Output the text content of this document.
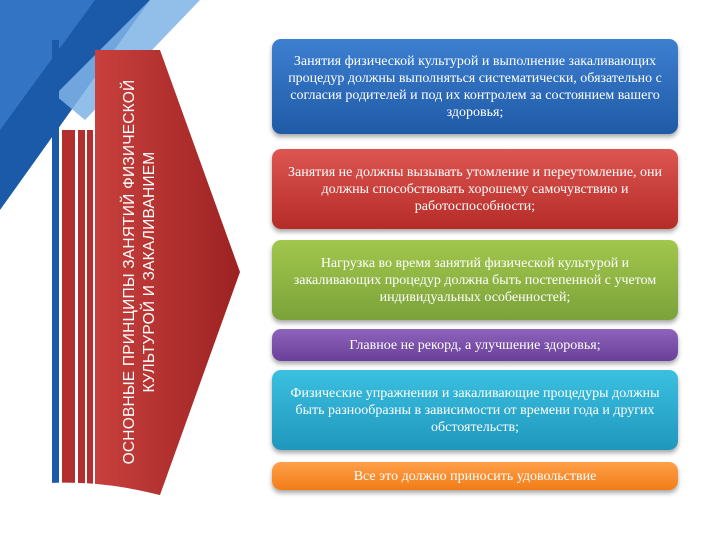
ОСНОВНЫЕ ПРИНЦИПЫ ЗАНЯТИЙ ФИЗИЧЕСКОЙ КУЛЬТУРОЙ И ЗАКАЛИВАНИЕМ
Занятия физической культурой и выполнение закаливающих процедур должны выполняться систематически, обязательно с согласия родителей и под их контролем за состоянием вашего здоровья;
Занятия не должны вызывать утомление и переутомление, они должны способствовать хорошему самочувствию и работоспособности;
Нагрузка во время занятий физической культурой и закаливающих процедур должна быть постепенной с учетом индивидуальных особенностей;
Главное не рекорд, а улучшение здоровья;
Физические упражнения и закаливающие процедуры должны быть разнообразны в зависимости от времени года и других обстоятельств;
Все это должно приносить удовольствие
